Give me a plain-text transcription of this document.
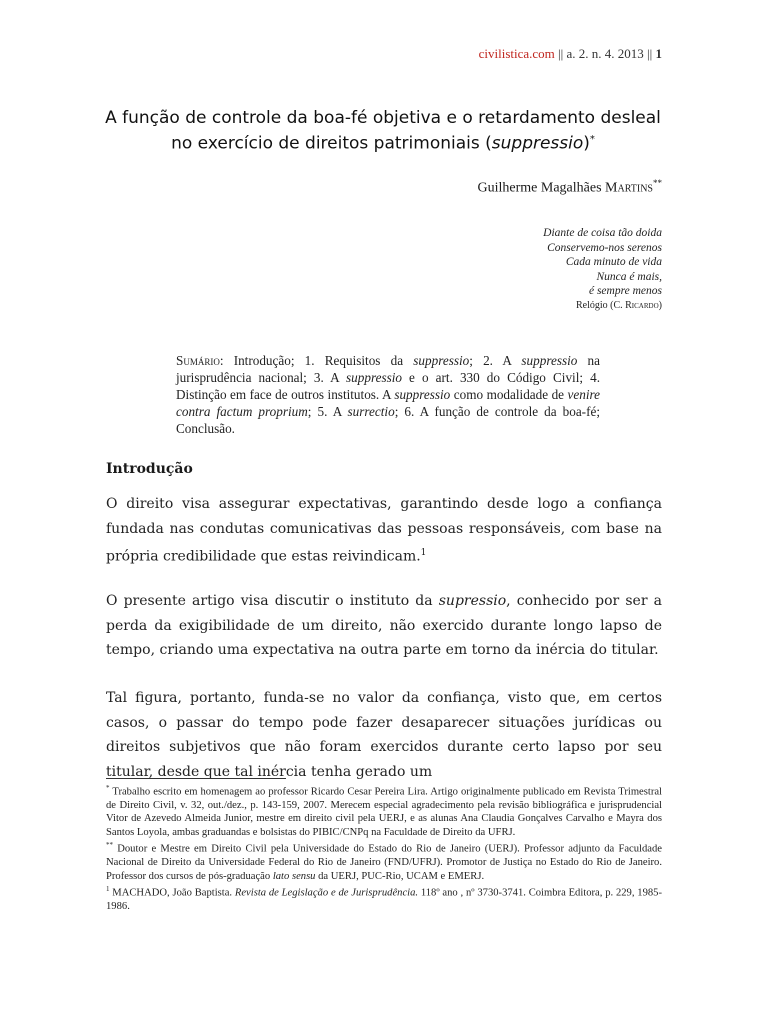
civilistica.com || a. 2. n. 4. 2013 || 1
A função de controle da boa-fé objetiva e o retardamento desleal
no exercício de direitos patrimoniais (suppressio)*
Guilherme Magalhães Martins**
Diante de coisa tão doida
Conservemo-nos serenos
Cada minuto de vida
Nunca é mais,
é sempre menos
Relógio (C. Ricardo)
Sumário: Introdução; 1. Requisitos da suppressio; 2. A suppressio na jurisprudência nacional; 3. A suppressio e o art. 330 do Código Civil; 4. Distinção em face de outros institutos. A suppressio como modalidade de venire contra factum proprium; 5. A surrectio; 6. A função de controle da boa-fé; Conclusão.
Introdução
O direito visa assegurar expectativas, garantindo desde logo a confiança fundada nas condutas comunicativas das pessoas responsáveis, com base na própria credibilidade que estas reivindicam.$^1$
O presente artigo visa discutir o instituto da supressio, conhecido por ser a perda da exigibilidade de um direito, não exercido durante longo lapso de tempo, criando uma expectativa na outra parte em torno da inércia do titular.
Tal figura, portanto, funda-se no valor da confiança, visto que, em certos casos, o passar do tempo pode fazer desaparecer situações jurídicas ou direitos subjetivos que não foram exercidos durante certo lapso por seu titular, desde que tal inércia tenha gerado um

* Trabalho escrito em homenagem ao professor Ricardo Cesar Pereira Lira. Artigo originalmente publicado em Revista Trimestral de Direito Civil, v. 32, out./dez., p. 143-159, 2007. Merecem especial agradecimento pela revisão bibliográfica e jurisprudencial Vitor de Azevedo Almeida Junior, mestre em direito civil pela UERJ, e as alunas Ana Claudia Gonçalves Carvalho e Mayra dos Santos Loyola, ambas graduandas e bolsistas do PIBIC/CNPq na Faculdade de Direito da UFRJ.

** Doutor e Mestre em Direito Civil pela Universidade do Estado do Rio de Janeiro (UERJ). Professor adjunto da Faculdade Nacional de Direito da Universidade Federal do Rio de Janeiro (FND/UFRJ). Promotor de Justiça no Estado do Rio de Janeiro. Professor dos cursos de pós-graduação lato sensu da UERJ, PUC-Rio, UCAM e EMERJ.

$^1$ MACHADO, João Baptista. Revista de Legislação e de Jurisprudência. 118º ano , nº 3730-3741. Coimbra Editora, p. 229, 1985-1986.
